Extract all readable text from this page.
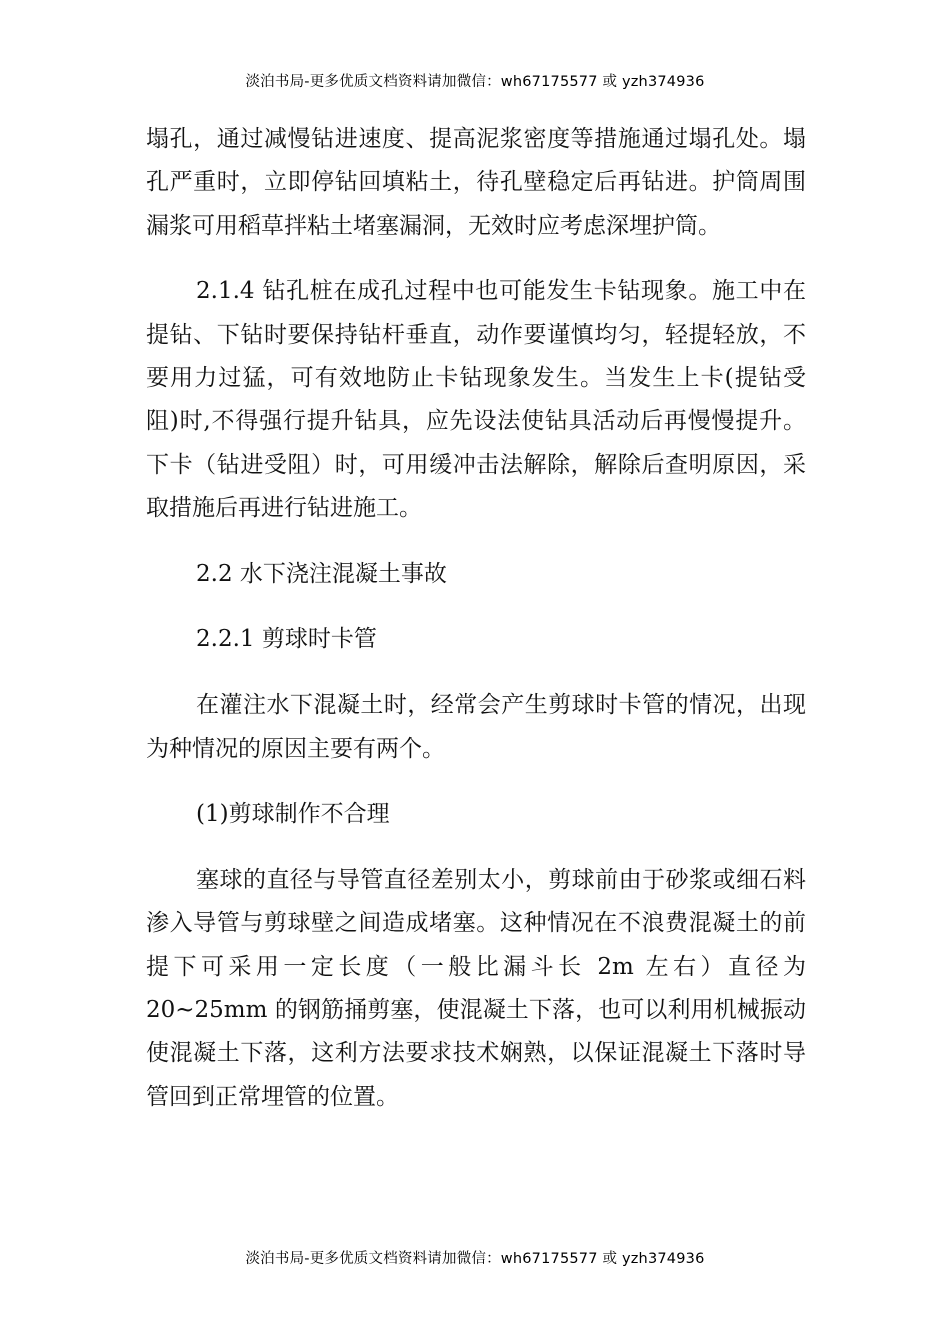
淡泊书局-更多优质文档资料请加微信：wh67175577 或 yzh374936

塌孔，通过减慢钻进速度、提高泥浆密度等措施通过塌孔处。塌孔严重时，立即停钻回填粘土，待孔壁稳定后再钻进。护筒周围漏浆可用稻草拌粘土堵塞漏洞，无效时应考虑深埋护筒。

2.1.4 钻孔桩在成孔过程中也可能发生卡钻现象。施工中在提钻、下钻时要保持钻杆垂直，动作要谨慎均匀，轻提轻放，不要用力过猛，可有效地防止卡钻现象发生。当发生上卡(提钻受阻)时,不得强行提升钻具，应先设法使钻具活动后再慢慢提升。下卡（钻进受阻）时，可用缓冲击法解除，解除后查明原因，采取措施后再进行钻进施工。

2.2 水下浇注混凝土事故

2.2.1 剪球时卡管

在灌注水下混凝土时，经常会产生剪球时卡管的情况，出现为种情况的原因主要有两个。

(1)剪球制作不合理

塞球的直径与导管直径差别太小，剪球前由于砂浆或细石料渗入导管与剪球壁之间造成堵塞。这种情况在不浪费混凝土的前提下可采用一定长度（一般比漏斗长 2m 左右）直径为 20~25mm 的钢筋捅剪塞，使混凝土下落，也可以利用机械振动使混凝土下落，这利方法要求技术娴熟，以保证混凝土下落时导管回到正常埋管的位置。

淡泊书局-更多优质文档资料请加微信：wh67175577 或 yzh374936
